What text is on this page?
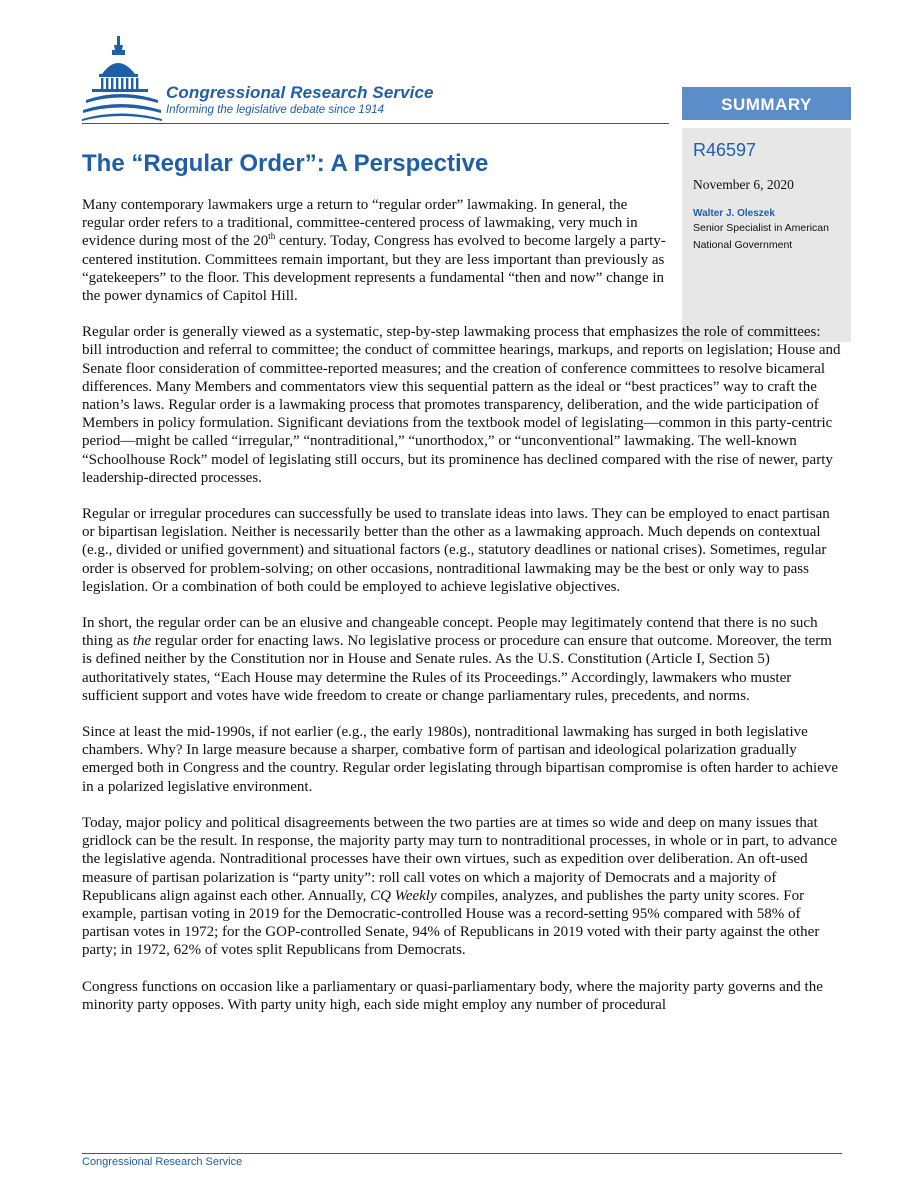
Congressional Research Service
Informing the legislative debate since 1914	SUMMARY
R46597
November 6, 2020
Walter J. Oleszek
Senior Specialist in American National Government
The “Regular Order”: A Perspective

Many contemporary lawmakers urge a return to “regular order” lawmaking. In general, the regular order refers to a traditional, committee-centered process of lawmaking, very much in evidence during most of the 20th century. Today, Congress has evolved to become largely a party-centered institution. Committees remain important, but they are less important than previously as “gatekeepers” to the floor. This development represents a fundamental “then and now” change in the power dynamics of Capitol Hill.

Regular order is generally viewed as a systematic, step-by-step lawmaking process that emphasizes the role of committees: bill introduction and referral to committee; the conduct of committee hearings, markups, and reports on legislation; House and Senate floor consideration of committee-reported measures; and the creation of conference committees to resolve bicameral differences. Many Members and commentators view this sequential pattern as the ideal or “best practices” way to craft the nation’s laws. Regular order is a lawmaking process that promotes transparency, deliberation, and the wide participation of Members in policy formulation. Significant deviations from the textbook model of legislating—common in this party-centric period—might be called “irregular,” “nontraditional,” “unorthodox,” or “unconventional” lawmaking. The well-known “Schoolhouse Rock” model of legislating still occurs, but its prominence has declined compared with the rise of newer, party leadership-directed processes.

Regular or irregular procedures can successfully be used to translate ideas into laws. They can be employed to enact partisan or bipartisan legislation. Neither is necessarily better than the other as a lawmaking approach. Much depends on contextual (e.g., divided or unified government) and situational factors (e.g., statutory deadlines or national crises). Sometimes, regular order is observed for problem-solving; on other occasions, nontraditional lawmaking may be the best or only way to pass legislation. Or a combination of both could be employed to achieve legislative objectives.

In short, the regular order can be an elusive and changeable concept. People may legitimately contend that there is no such thing as the regular order for enacting laws. No legislative process or procedure can ensure that outcome. Moreover, the term is defined neither by the Constitution nor in House and Senate rules. As the U.S. Constitution (Article I, Section 5) authoritatively states, “Each House may determine the Rules of its Proceedings.” Accordingly, lawmakers who muster sufficient support and votes have wide freedom to create or change parliamentary rules, precedents, and norms.

Since at least the mid-1990s, if not earlier (e.g., the early 1980s), nontraditional lawmaking has surged in both legislative chambers. Why? In large measure because a sharper, combative form of partisan and ideological polarization gradually emerged both in Congress and the country. Regular order legislating through bipartisan compromise is often harder to achieve in a polarized legislative environment.

Today, major policy and political disagreements between the two parties are at times so wide and deep on many issues that gridlock can be the result. In response, the majority party may turn to nontraditional processes, in whole or in part, to advance the legislative agenda. Nontraditional processes have their own virtues, such as expedition over deliberation. An oft-used measure of partisan polarization is “party unity”: roll call votes on which a majority of Democrats and a majority of Republicans align against each other. Annually, CQ Weekly compiles, analyzes, and publishes the party unity scores. For example, partisan voting in 2019 for the Democratic-controlled House was a record-setting 95% compared with 58% of partisan votes in 1972; for the GOP-controlled Senate, 94% of Republicans in 2019 voted with their party against the other party; in 1972, 62% of votes split Republicans from Democrats.

Congress functions on occasion like a parliamentary or quasi-parliamentary body, where the majority party governs and the minority party opposes. With party unity high, each side might employ any number of procedural

Congressional Research Service
